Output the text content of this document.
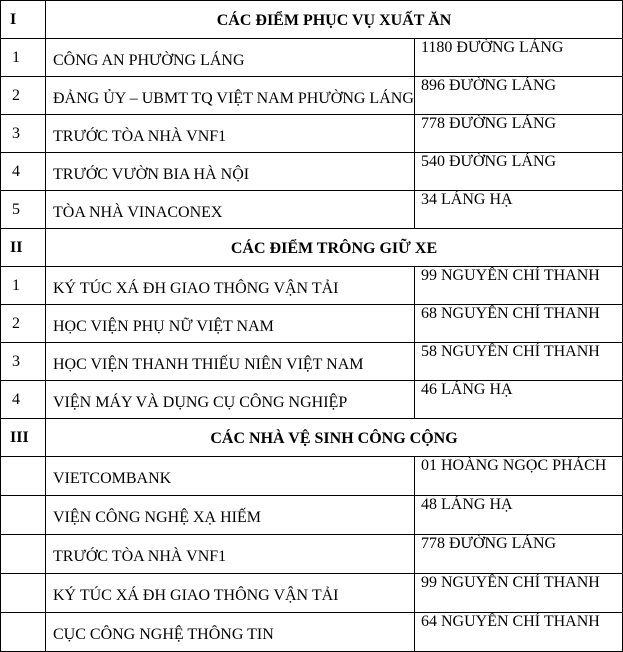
I	CÁC ĐIỂM PHỤC VỤ XUẤT ĂN	
1	CÔNG AN PHƯỜNG LÁNG	1180 ĐƯỜNG LÁNG
2	ĐẢNG ỦY – UBMT TQ VIỆT NAM PHƯỜNG LÁNG	896 ĐƯỜNG LÁNG
3	TRƯỚC TÒA NHÀ VNF1	778 ĐƯỜNG LÁNG
4	TRƯỚC VƯỜN BIA HÀ NỘI	540 ĐƯỜNG LÁNG
5	TÒA NHÀ VINACONEX	34 LÁNG HẠ
II	CÁC ĐIỂM TRÔNG GIỮ XE	
1	KÝ TÚC XÁ ĐH GIAO THÔNG VẬN TẢI	99 NGUYỄN CHÍ THANH
2	HỌC VIỆN PHỤ NỮ VIỆT NAM	68 NGUYỄN CHÍ THANH
3	HỌC VIỆN THANH THIẾU NIÊN VIỆT NAM	58 NGUYỄN CHÍ THANH
4	VIỆN MÁY VÀ DỤNG CỤ CÔNG NGHIỆP	46 LÁNG HẠ
III	CÁC NHÀ VỆ SINH CÔNG CỘNG	
	VIETCOMBANK	01 HOÀNG NGỌC PHÁCH
	VIỆN CÔNG NGHỆ XẠ HIẾM	48 LÁNG HẠ
	TRƯỚC TÒA NHÀ VNF1	778 ĐƯỜNG LÁNG
	KÝ TÚC XÁ ĐH GIAO THÔNG VẬN TẢI	99 NGUYỄN CHÍ THANH
	CỤC CÔNG NGHỆ THÔNG TIN	64 NGUYỄN CHÍ THANH
